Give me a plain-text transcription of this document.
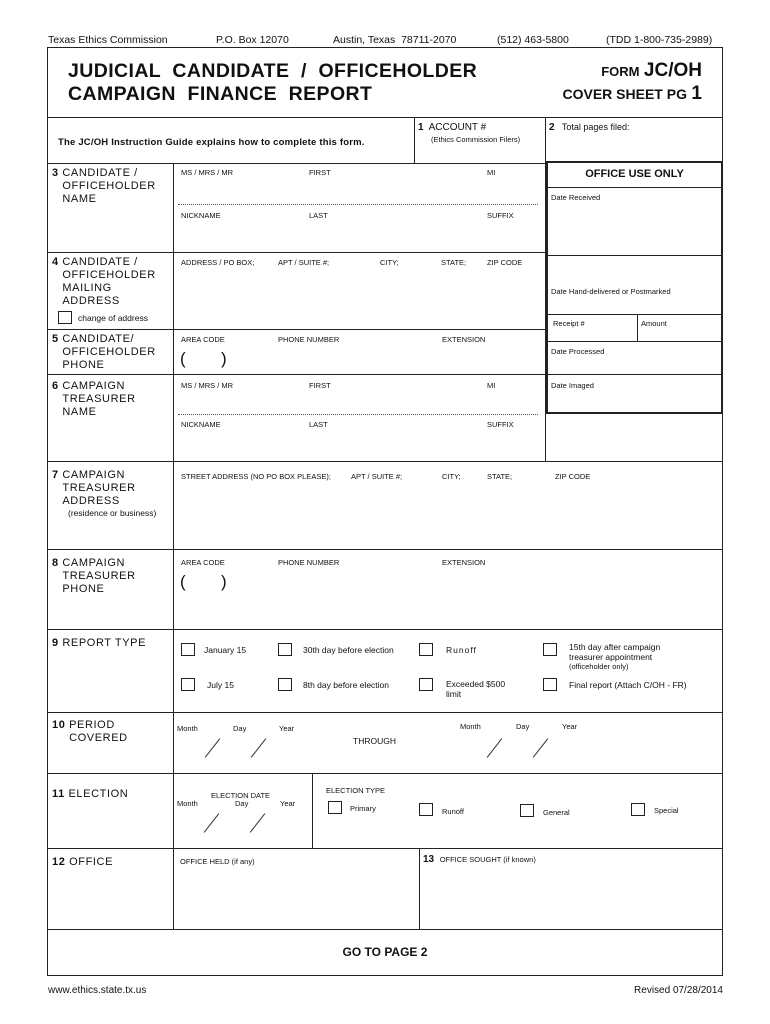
Texas Ethics Commission	P.O. Box 12070	Austin, Texas  78711-2070	(512) 463-5800	(TDD 1-800-735-2989)
JUDICIAL  CANDIDATE  /  OFFICEHOLDER
CAMPAIGN  FINANCE  REPORT
FORM JC/OH
COVER SHEET PG 1
The JC/OH Instruction Guide explains how to complete this form.
1 ACCOUNT #
(Ethics Commission Filers)
2 Total pages filed:
OFFICE USE ONLY
Date Received
Date Hand-delivered or Postmarked
Receipt #	Amount
Date Processed
Date Imaged
3 CANDIDATE /
OFFICEHOLDER
NAME
MS / MRS / MR	FIRST	MI
NICKNAME	LAST	SUFFIX
4 CANDIDATE /
OFFICEHOLDER
MAILING
ADDRESS
ADDRESS / PO BOX;	APT / SUITE #;	CITY;	STATE;	ZIP CODE
change of address
5 CANDIDATE/
OFFICEHOLDER
PHONE
AREA CODE	PHONE NUMBER	EXTENSION
( )
6 CAMPAIGN
TREASURER
NAME
MS / MRS / MR	FIRST	MI
NICKNAME	LAST	SUFFIX
7 CAMPAIGN
TREASURER
ADDRESS
(residence or business)
STREET ADDRESS (NO PO BOX PLEASE);	APT / SUITE #;	CITY;	STATE;	ZIP CODE
8 CAMPAIGN
TREASURER
PHONE
AREA CODE	PHONE NUMBER	EXTENSION
( )
9 REPORT TYPE
January 15	30th day before election	Runoff	15th day after campaign
treasurer appointment
(officeholder only)
July 15	8th day before election	Exceeded $500
limit
Final report (Attach C/OH - FR)
10 PERIOD
COVERED
Month	Day	Year
THROUGH
Month	Day	Year
11 ELECTION	ELECTION DATE
Month	Day	Year
ELECTION TYPE
Primary	Runoff	General	Special
12 OFFICE	OFFICE HELD (if any)	13 OFFICE SOUGHT (if known)
GO TO PAGE 2
www.ethics.state.tx.us	Revised 07/28/2014
